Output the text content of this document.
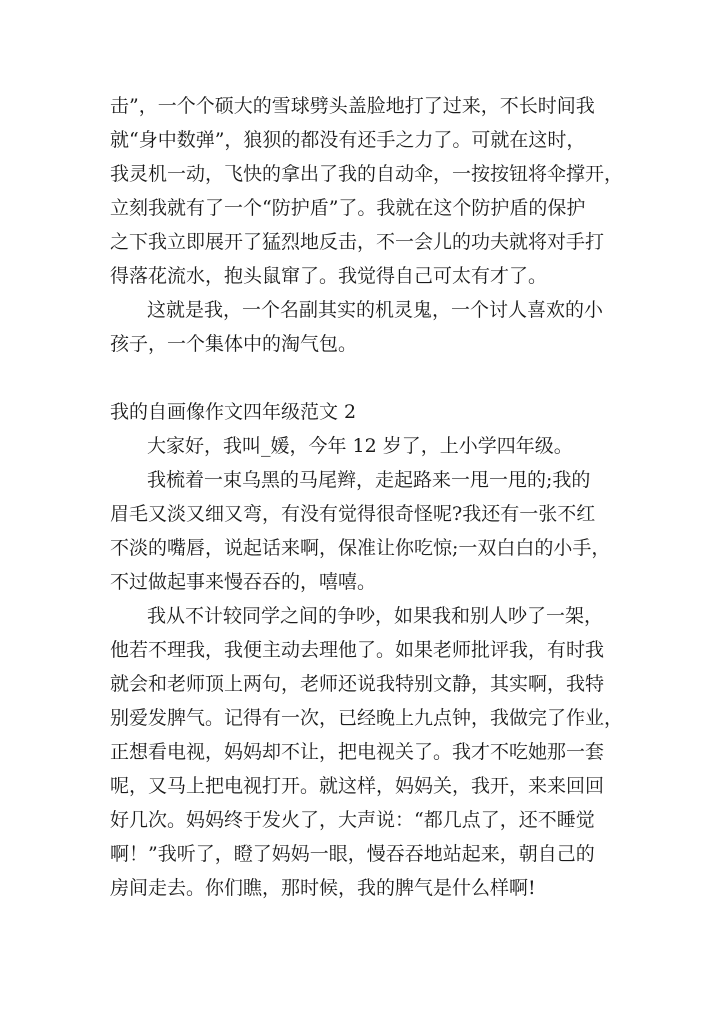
击”，一个个硕大的雪球劈头盖脸地打了过来，不长时间我
就“身中数弹”，狼狈的都没有还手之力了。可就在这时，
我灵机一动，飞快的拿出了我的自动伞，一按按钮将伞撑开，
立刻我就有了一个“防护盾”了。我就在这个防护盾的保护
之下我立即展开了猛烈地反击，不一会儿的功夫就将对手打
得落花流水，抱头鼠窜了。我觉得自己可太有才了。
这就是我，一个名副其实的机灵鬼，一个讨人喜欢的小
孩子，一个集体中的淘气包。
我的自画像作文四年级范文 2
大家好，我叫_媛，今年 12 岁了，上小学四年级。
我梳着一束乌黑的马尾辫，走起路来一甩一甩的;我的
眉毛又淡又细又弯，有没有觉得很奇怪呢?我还有一张不红
不淡的嘴唇，说起话来啊，保准让你吃惊;一双白白的小手，
不过做起事来慢吞吞的，嘻嘻。
我从不计较同学之间的争吵，如果我和别人吵了一架，
他若不理我，我便主动去理他了。如果老师批评我，有时我
就会和老师顶上两句，老师还说我特别文静，其实啊，我特
别爱发脾气。记得有一次，已经晚上九点钟，我做完了作业，
正想看电视，妈妈却不让，把电视关了。我才不吃她那一套
呢，又马上把电视打开。就这样，妈妈关，我开，来来回回
好几次。妈妈终于发火了，大声说：“都几点了，还不睡觉
啊！”我听了，瞪了妈妈一眼，慢吞吞地站起来，朝自己的
房间走去。你们瞧，那时候，我的脾气是什么样啊!
